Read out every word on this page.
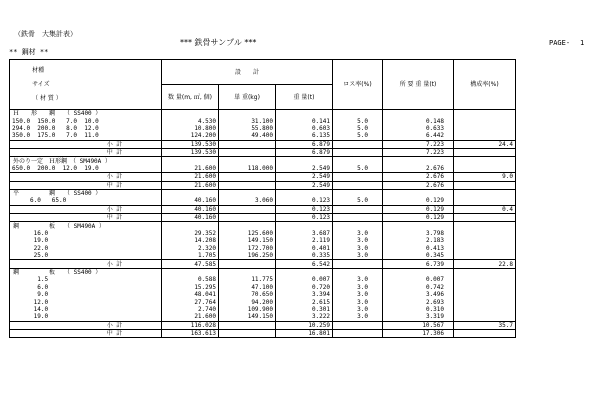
（鉄骨　大集計表）
*** 鉄骨サンプル ***	PAGE- 1
** 鋼材 **

材種

サイズ

（ 材 質 ）	設　　計			ロス率(%)	所 要 重 量(t)	構成率(%)
	数 量(m, ㎡, 個)	単 重(kg)	重 量(t)			
Ｈ　　形　　鋼　　（ SS400 ）						
150.0  150.0   7.0  10.0	4.530	31.100	0.141	5.0	0.148	
294.0  200.0   8.0  12.0	10.800	55.800	0.603	5.0	0.633	
350.0  175.0   7.0  11.0	124.200	49.400	6.135	5.0	6.442	
小 計	139.530		6.879		7.223	24.4
中 計	139.530		6.879		7.223	
外のり一定　Ｈ形鋼　（ SM490A ）						
650.0  200.0  12.0  19.0	21.600	118.000	2.549	5.0	2.676	
小 計	21.600		2.549		2.676	9.0
中 計	21.600		2.549		2.676	
平　　　　　鋼　　（ SS400 ）						
6.0   65.0	40.160	3.060	0.123	5.0	0.129	
小 計	40.160		0.123		0.129	0.4
中 計	40.160		0.123		0.129	
鋼　　　　　板　　（ SM490A ）						
16.0	29.352	125.600	3.687	3.0	3.798	
19.0	14.208	149.150	2.119	3.0	2.183	
22.0	2.320	172.700	0.401	3.0	0.413	
25.0	1.705	196.250	0.335	3.0	0.345	
小 計	47.585		6.542		6.739	22.8
鋼　　　　　板　　（ SS400 ）						
1.5	0.588	11.775	0.007	3.0	0.007	
6.0	15.295	47.100	0.720	3.0	0.742	
9.0	48.041	70.650	3.394	3.0	3.496	
12.0	27.764	94.200	2.615	3.0	2.693	
14.0	2.740	109.900	0.301	3.0	0.310	
19.0	21.600	149.150	3.222	3.0	3.319	
小 計	116.028		10.259		10.567	35.7
中 計	163.613		16.801		17.306	
